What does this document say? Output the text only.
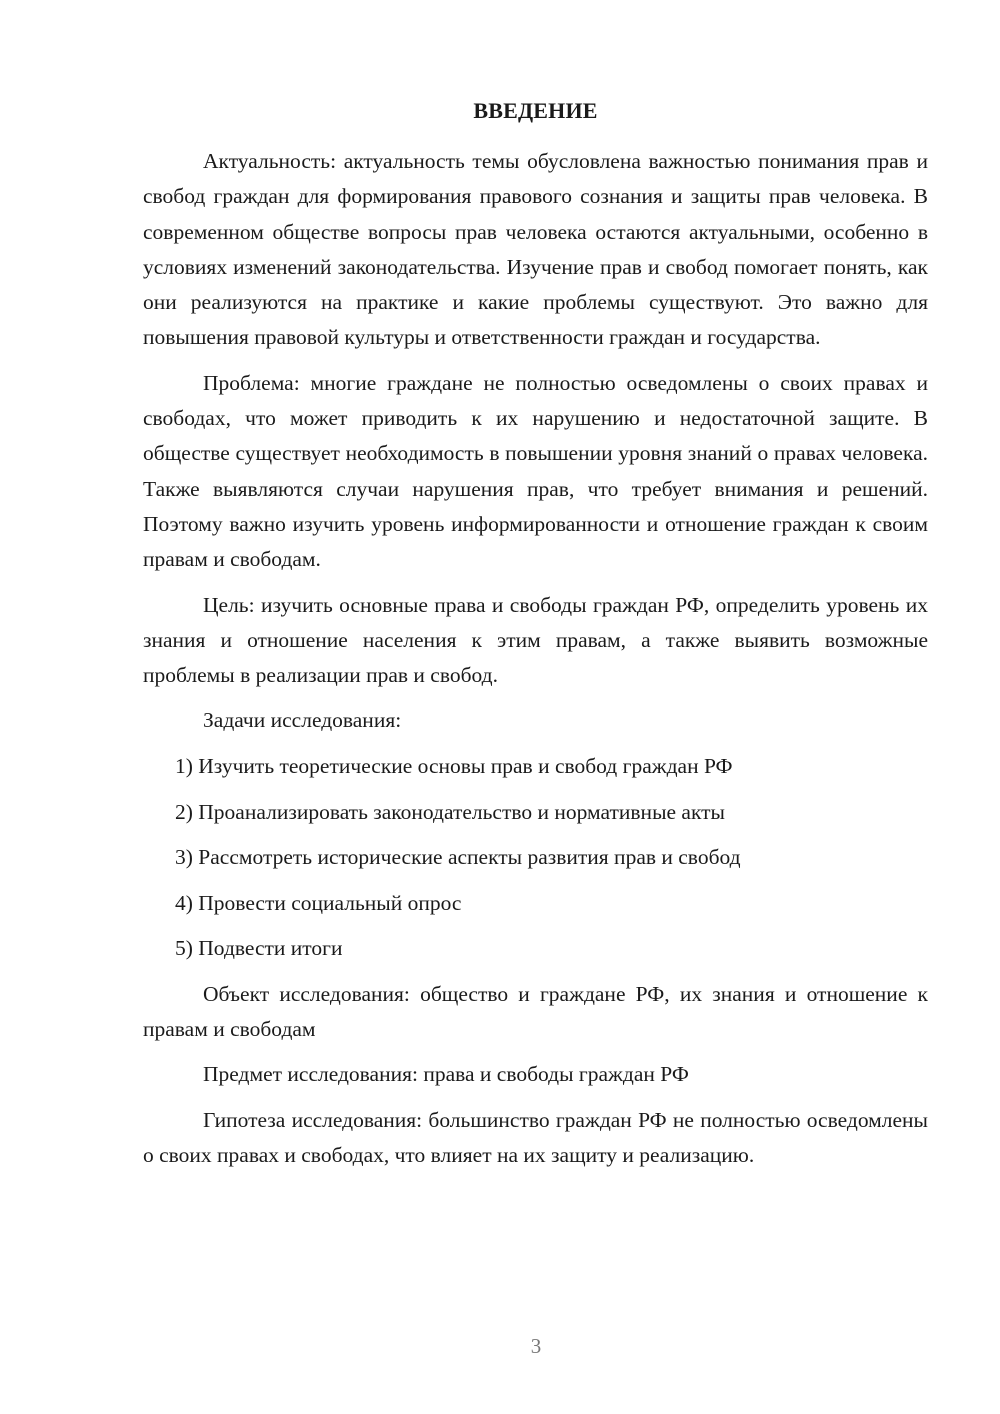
ВВЕДЕНИЕ

Актуальность: актуальность темы обусловлена важностью понимания прав и свобод граждан для формирования правового сознания и защиты прав человека. В современном обществе вопросы прав человека остаются актуальными, особенно в условиях изменений законодательства. Изучение прав и свобод помогает понять, как они реализуются на практике и какие проблемы существуют. Это важно для повышения правовой культуры и ответственности граждан и государства.

Проблема: многие граждане не полностью осведомлены о своих правах и свободах, что может приводить к их нарушению и недостаточной защите. В обществе существует необходимость в повышении уровня знаний о правах человека. Также выявляются случаи нарушения прав, что требует внимания и решений. Поэтому важно изучить уровень информированности и отношение граждан к своим правам и свободам.

Цель: изучить основные права и свободы граждан РФ, определить уровень их знания и отношение населения к этим правам, а также выявить возможные проблемы в реализации прав и свобод.

Задачи исследования:

1) Изучить теоретические основы прав и свобод граждан РФ
2) Проанализировать законодательство и нормативные акты
3) Рассмотреть исторические аспекты развития прав и свобод
4) Провести социальный опрос
5) Подвести итоги

Объект исследования: общество и граждане РФ, их знания и отношение к правам и свободам

Предмет исследования: права и свободы граждан РФ

Гипотеза исследования: большинство граждан РФ не полностью осведомлены о своих правах и свободах, что влияет на их защиту и реализацию.

3
